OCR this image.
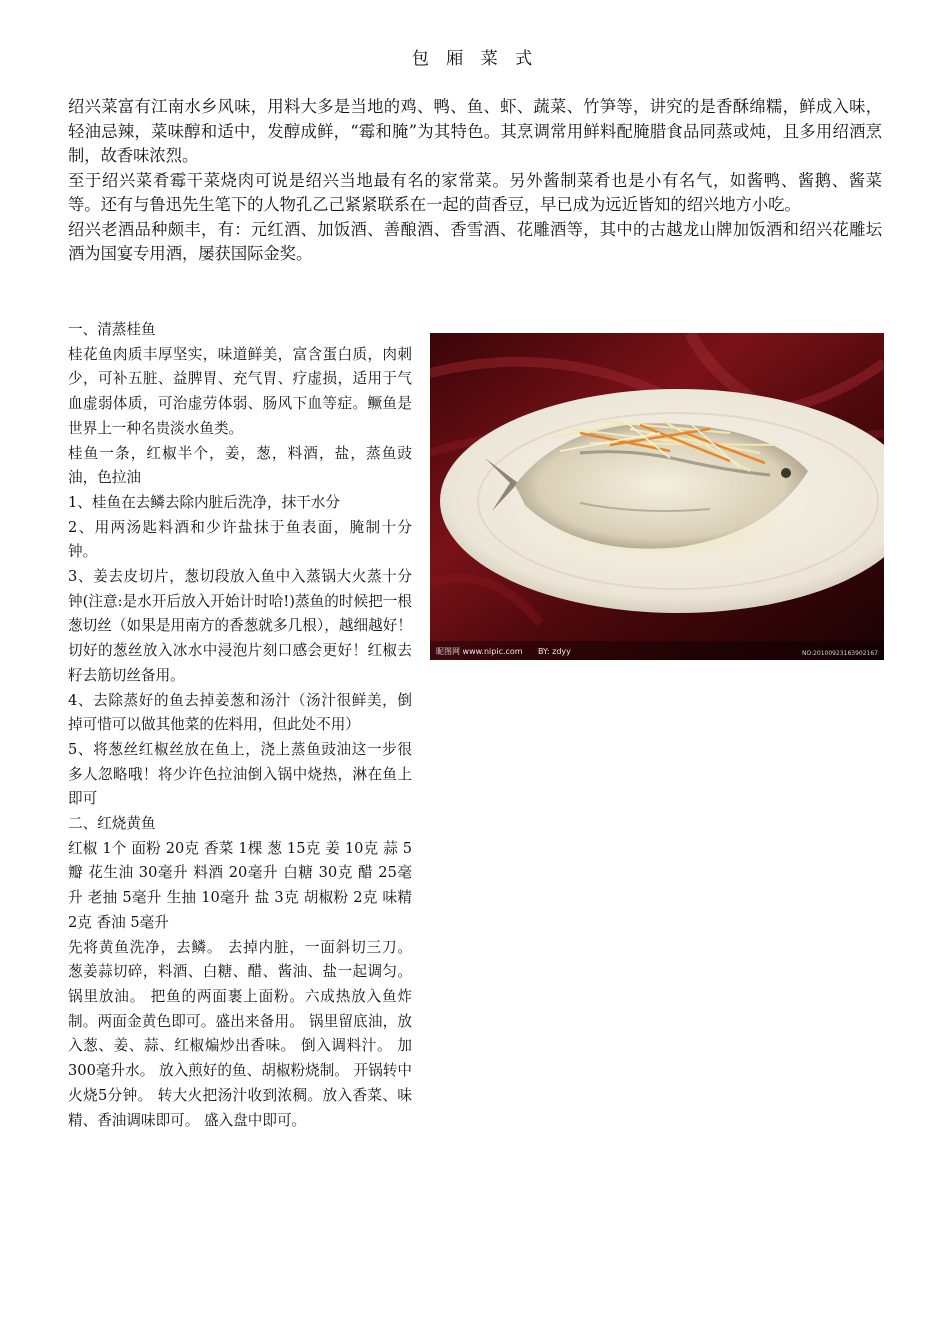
包 厢 菜 式

绍兴菜富有江南水乡风味，用料大多是当地的鸡、鸭、鱼、虾、蔬菜、竹笋等，讲究的是香酥绵糯，鲜成入味，轻油忌辣，菜味醇和适中，发醇成鲜，“霉和腌”为其特色。其烹调常用鲜料配腌腊食品同蒸或炖，且多用绍酒烹制，故香味浓烈。

至于绍兴菜肴霉干菜烧肉可说是绍兴当地最有名的家常菜。另外酱制菜肴也是小有名气，如酱鸭、酱鹅、酱菜等。还有与鲁迅先生笔下的人物孔乙己紧紧联系在一起的茴香豆，早已成为远近皆知的绍兴地方小吃。

绍兴老酒品种颇丰，有：元红酒、加饭酒、善酿酒、香雪酒、花雕酒等，其中的古越龙山牌加饭酒和绍兴花雕坛酒为国宴专用酒，屡获国际金奖。

一、清蒸桂鱼

桂花鱼肉质丰厚坚实，味道鲜美，富含蛋白质，肉刺少，可补五脏、益脾胃、充气胃、疗虚损，适用于气血虚弱体质，可治虚劳体弱、肠风下血等症。鳜鱼是世界上一种名贵淡水鱼类。

桂鱼一条，红椒半个，姜，葱，料酒，盐，蒸鱼豉油，色拉油

1、桂鱼在去鳞去除内脏后洗净，抹干水分

2、用两汤匙料酒和少许盐抹于鱼表面，腌制十分钟。

3、姜去皮切片，葱切段放入鱼中入蒸锅大火蒸十分钟(注意:是水开后放入开始计时哈!)蒸鱼的时候把一根葱切丝（如果是用南方的香葱就多几根），越细越好！切好的葱丝放入冰水中浸泡片刻口感会更好！红椒去籽去筋切丝备用。

4、去除蒸好的鱼去掉姜葱和汤汁（汤汁很鲜美，倒掉可惜可以做其他菜的佐料用，但此处不用）

5、将葱丝红椒丝放在鱼上，浇上蒸鱼豉油这一步很多人忽略哦！将少许色拉油倒入锅中烧热，淋在鱼上即可

二、红烧黄鱼

红椒 1个 面粉 20克 香菜 1棵 葱 15克 姜 10克 蒜 5瓣 花生油 30毫升 料酒 20毫升 白糖 30克 醋 25毫升 老抽 5毫升 生抽 10毫升 盐 3克 胡椒粉 2克 味精 2克 香油 5毫升

先将黄鱼洗净，去鳞。 去掉内脏，一面斜切三刀。 葱姜蒜切碎，料酒、白糖、醋、酱油、盐一起调匀。 锅里放油。 把鱼的两面裹上面粉。六成热放入鱼炸制。两面金黄色即可。盛出来备用。 锅里留底油，放入葱、姜、蒜、红椒煸炒出香味。 倒入调料汁。 加300毫升水。 放入煎好的鱼、胡椒粉烧制。 开锅转中火烧5分钟。 转大火把汤汁收到浓稠。放入香菜、味精、香油调味即可。 盛入盘中即可。

昵图网 www.nipic.com BY: zdyy	NO:20100923163902167
